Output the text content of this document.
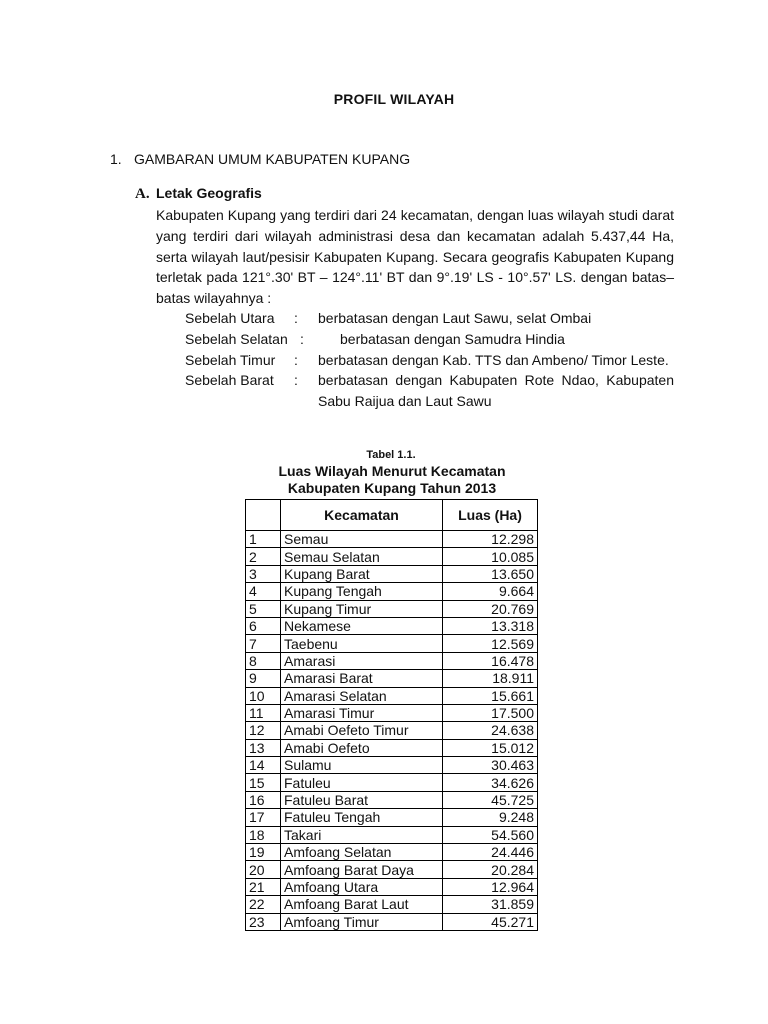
PROFIL WILAYAH
1. GAMBARAN UMUM KABUPATEN KUPANG
A. Letak Geografis

Kabupaten Kupang yang terdiri dari 24 kecamatan, dengan luas wilayah studi darat yang terdiri dari wilayah administrasi desa dan kecamatan adalah 5.437,44 Ha, serta wilayah laut/pesisir Kabupaten Kupang. Secara geografis Kabupaten Kupang terletak pada 121°.30' BT – 124°.11' BT dan 9°.19' LS - 10°.57' LS. dengan batas–batas wilayahnya :

Sebelah Utara	:	berbatasan dengan Laut Sawu, selat Ombai
Sebelah Selatan :	berbatasan dengan Samudra Hindia
Sebelah Timur	:	berbatasan dengan Kab. TTS dan Ambeno/ Timor Leste.
Sebelah Barat	:	berbatasan dengan Kabupaten Rote Ndao, Kabupaten Sabu Raijua dan Laut Sawu
Tabel 1.1.
Luas Wilayah Menurut Kecamatan
Kabupaten Kupang Tahun 2013
	Kecamatan	Luas (Ha)
1	Semau	12.298
2	Semau Selatan	10.085
3	Kupang Barat	13.650
4	Kupang Tengah	9.664
5	Kupang Timur	20.769
6	Nekamese	13.318
7	Taebenu	12.569
8	Amarasi	16.478
9	Amarasi Barat	18.911
10	Amarasi Selatan	15.661
11	Amarasi Timur	17.500
12	Amabi Oefeto Timur	24.638
13	Amabi Oefeto	15.012
14	Sulamu	30.463
15	Fatuleu	34.626
16	Fatuleu Barat	45.725
17	Fatuleu Tengah	9.248
18	Takari	54.560
19	Amfoang Selatan	24.446
20	Amfoang Barat Daya	20.284
21	Amfoang Utara	12.964
22	Amfoang Barat Laut	31.859
23	Amfoang Timur	45.271
